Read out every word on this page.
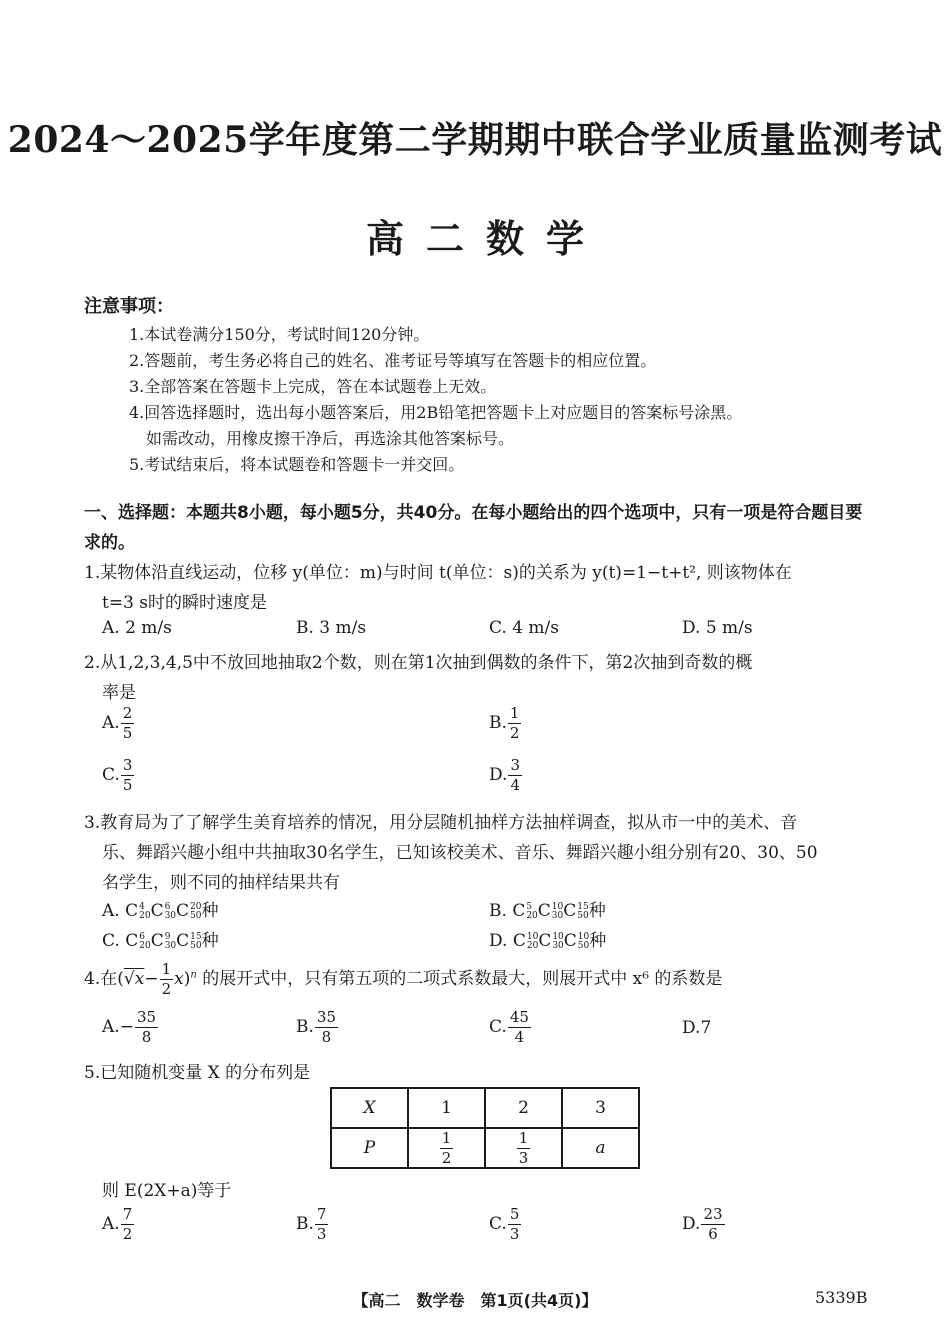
2024～2025学年度第二学期期中联合学业质量监测考试
高二数学
注意事项：
1.本试卷满分150分，考试时间120分钟。
2.答题前，考生务必将自己的姓名、准考证号等填写在答题卡的相应位置。
3.全部答案在答题卡上完成，答在本试题卷上无效。
4.回答选择题时，选出每小题答案后，用2B铅笔把答题卡上对应题目的答案标号涂黑。
如需改动，用橡皮擦干净后，再选涂其他答案标号。
5.考试结束后，将本试题卷和答题卡一并交回。
一、选择题：本题共8小题，每小题5分，共40分。在每小题给出的四个选项中，只有一项是符合题目要求的。
1.某物体沿直线运动，位移 y(单位：m)与时间 t(单位：s)的关系为 y(t)=1−t+t², 则该物体在
t=3 s时的瞬时速度是
A. 2 m/s	B. 3 m/s	C. 4 m/s	D. 5 m/s
2.从1,2,3,4,5中不放回地抽取2个数，则在第1次抽到偶数的条件下，第2次抽到奇数的概
率是
A. $\frac{2}{5}$	B. $\frac{1}{2}$
C. $\frac{3}{5}$	D. $\frac{3}{4}$
3.教育局为了了解学生美育培养的情况，用分层随机抽样方法抽样调查，拟从市一中的美术、音
乐、舞蹈兴趣小组中共抽取30名学生，已知该校美术、音乐、舞蹈兴趣小组分别有20、30、50
名学生，则不同的抽样结果共有
A. C 4
20 C 6
30 C 20
50 种	B. C 5
20 C 10
30 C 15
50 种
C. C 6
20 C 9
30 C 15
50 种	D. C 10
20 C 10
30 C 10
50 种
4.在$(√x- \frac{1}{2} x)^n$ 的展开式中，只有第五项的二项式系数最大，则展开式中 x⁶ 的系数是
$A.- \frac{35}{8}$	B. $\frac{35}{8}$	C. $\frac{45}{4}$	D.7
5.已知随机变量 X 的分布列是
X	1	2	3
P	$\frac{1}{2}$	$\frac{1}{3}$	a
则 E(2X+a)等于
A. $\frac{7}{2}$	B. $\frac{7}{3}$	C. $\frac{5}{3}$	D. $\frac{23}{6}$
【高二　数学卷　第1页(共4页)】	5339B
